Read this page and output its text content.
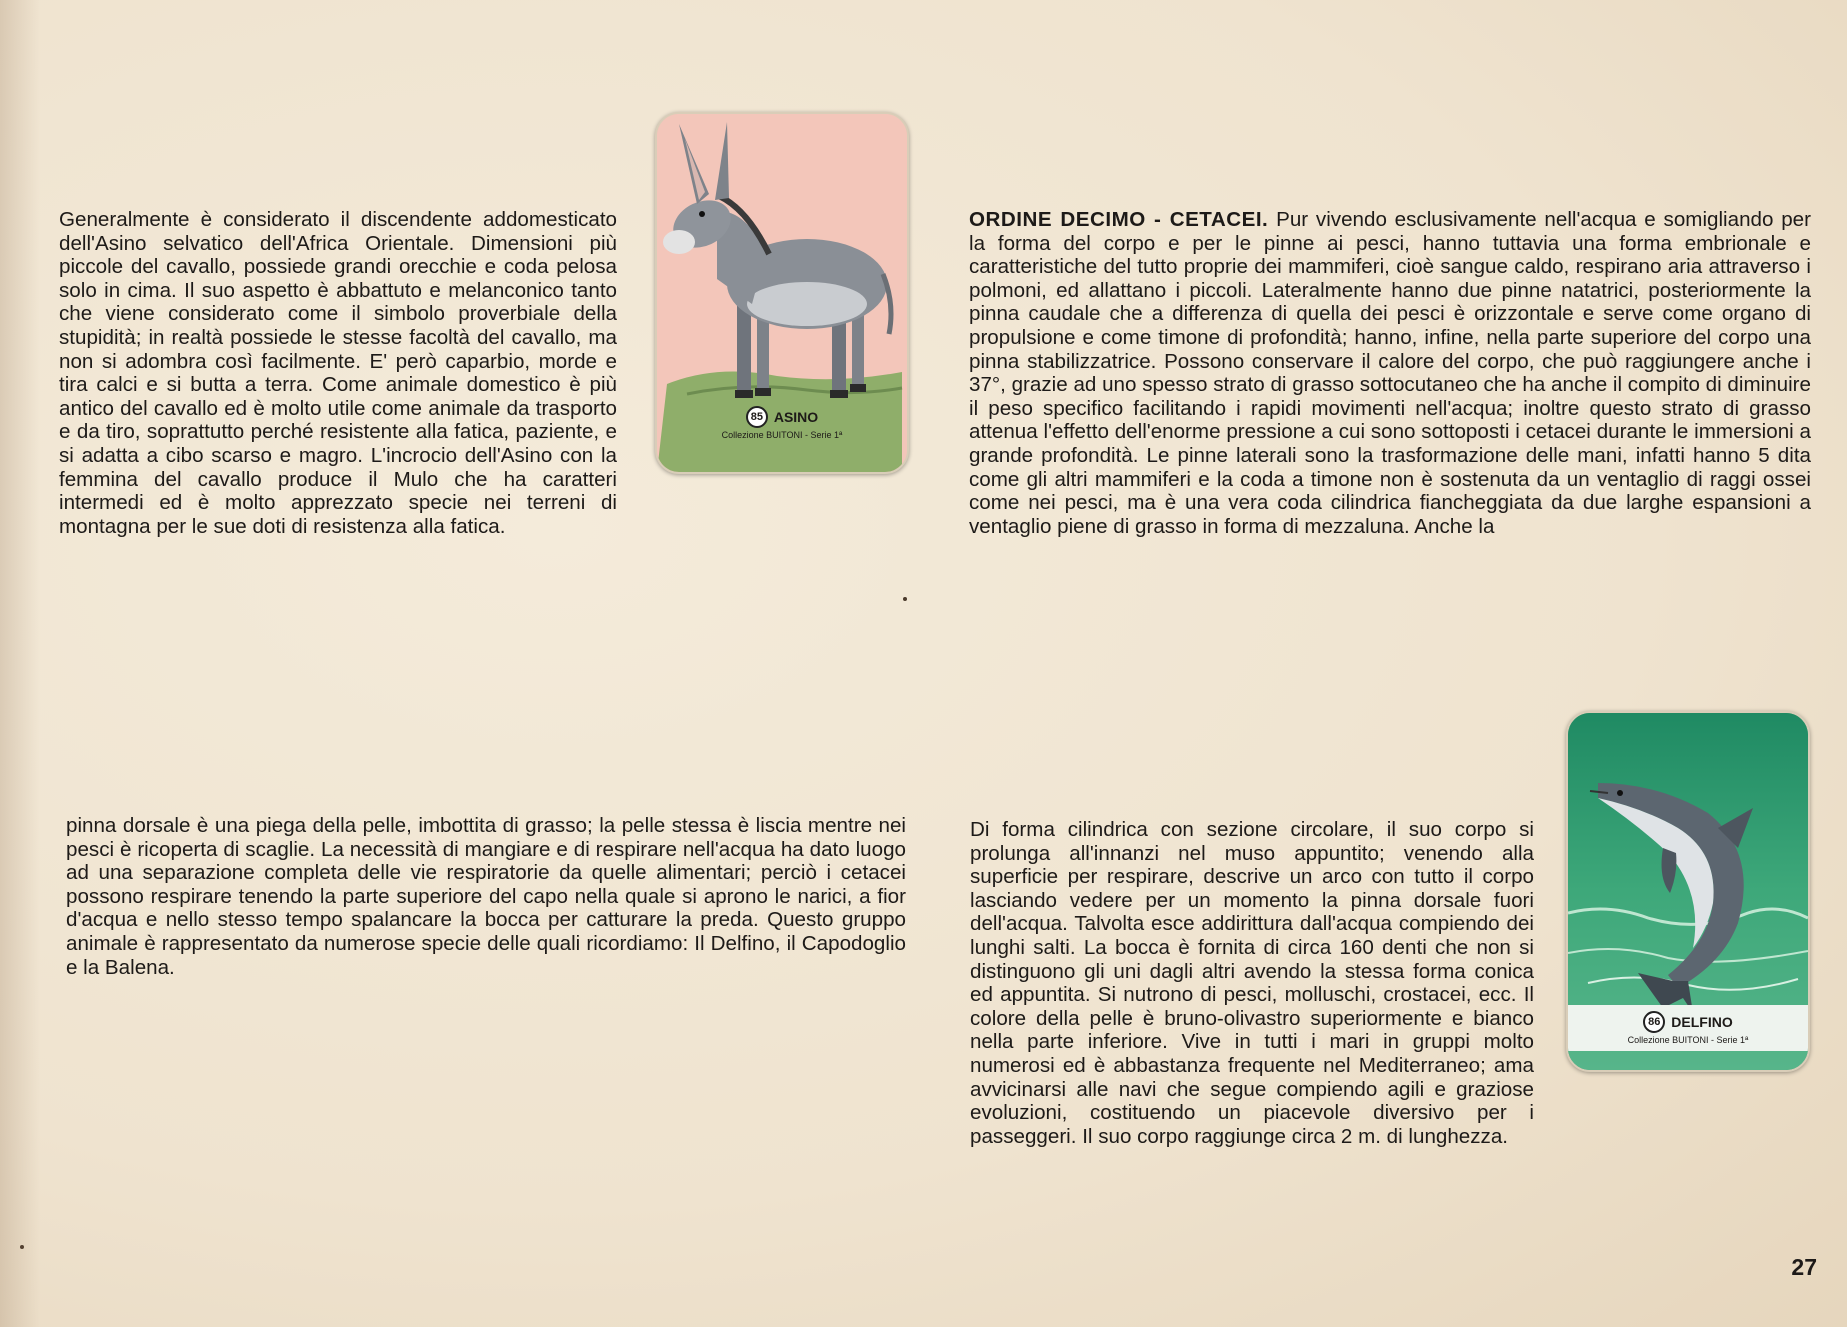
Generalmente è considerato il discendente addomesticato dell'Asino selvatico dell'Africa Orientale. Dimensioni più piccole del cavallo, possiede grandi orecchie e coda pelosa solo in cima. Il suo aspetto è abbattuto e melanconico tanto che viene considerato come il simbolo proverbiale della stupidità; in realtà possiede le stesse facoltà del cavallo, ma non si adombra così facilmente. E' però caparbio, morde e tira calci e si butta a terra. Come animale domestico è più antico del cavallo ed è molto utile come animale da trasporto e da tiro, soprattutto perché resistente alla fatica, paziente, e si adatta a cibo scarso e magro. L'incrocio dell'Asino con la femmina del cavallo produce il Mulo che ha caratteri intermedi ed è molto apprezzato specie nei terreni di montagna per le sue doti di resistenza alla fatica.

ORDINE DECIMO - CETACEI. Pur vivendo esclusivamente nell'acqua e somigliando per la forma del corpo e per le pinne ai pesci, hanno tuttavia una forma embrionale e caratteristiche del tutto proprie dei mammiferi, cioè sangue caldo, respirano aria attraverso i polmoni, ed allattano i piccoli. Lateralmente hanno due pinne natatrici, posteriormente la pinna caudale che a differenza di quella dei pesci è orizzontale e serve come organo di propulsione e come timone di profondità; hanno, infine, nella parte superiore del corpo una pinna stabilizzatrice. Possono conservare il calore del corpo, che può raggiungere anche i 37°, grazie ad uno spesso strato di grasso sottocutaneo che ha anche il compito di diminuire il peso specifico facilitando i rapidi movimenti nell'acqua; inoltre questo strato di grasso attenua l'effetto dell'enorme pressione a cui sono sottoposti i cetacei durante le immersioni a grande profondità. Le pinne laterali sono la trasformazione delle mani, infatti hanno 5 dita come gli altri mammiferi e la coda a timone non è sostenuta da un ventaglio di raggi ossei come nei pesci, ma è una vera coda cilindrica fiancheggiata da due larghe espansioni a ventaglio piene di grasso in forma di mezzaluna. Anche la

pinna dorsale è una piega della pelle, imbottita di grasso; la pelle stessa è liscia mentre nei pesci è ricoperta di scaglie. La necessità di mangiare e di respirare nell'acqua ha dato luogo ad una separazione completa delle vie respiratorie da quelle alimentari; perciò i cetacei possono respirare tenendo la parte superiore del capo nella quale si aprono le narici, a fior d'acqua e nello stesso tempo spalancare la bocca per catturare la preda. Questo gruppo animale è rappresentato da numerose specie delle quali ricordiamo: Il Delfino, il Capodoglio e la Balena.

Di forma cilindrica con sezione circolare, il suo corpo si prolunga all'innanzi nel muso appuntito; venendo alla superficie per respirare, descrive un arco con tutto il corpo lasciando vedere per un momento la pinna dorsale fuori dell'acqua. Talvolta esce addirittura dall'acqua compiendo dei lunghi salti. La bocca è fornita di circa 160 denti che non si distinguono gli uni dagli altri avendo la stessa forma conica ed appuntita. Si nutrono di pesci, molluschi, crostacei, ecc. Il colore della pelle è bruno-olivastro superiormente e bianco nella parte inferiore. Vive in tutti i mari in gruppi molto numerosi ed è abbastanza frequente nel Mediterraneo; ama avvicinarsi alle navi che segue compiendo agili e graziose evoluzioni, costituendo un piacevole diversivo per i passeggeri. Il suo corpo raggiunge circa 2 m. di lunghezza.

85 ASINO
Collezione BUITONI - Serie 1ª
86 DELFINO
Collezione BUITONI - Serie 1ª
27
